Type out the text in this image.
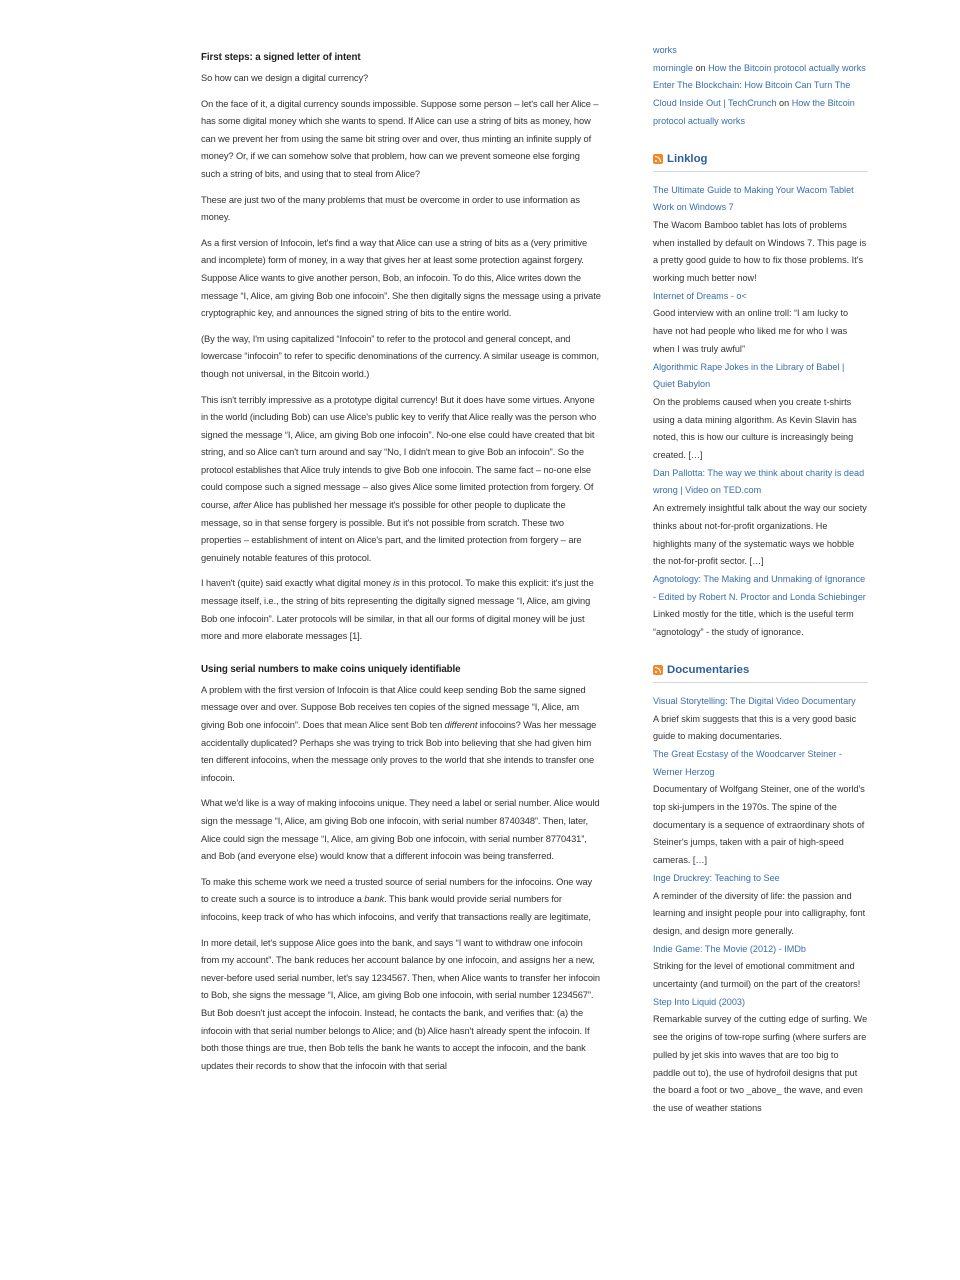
First steps: a signed letter of intent

So how can we design a digital currency?

On the face of it, a digital currency sounds impossible. Suppose some person – let's call her Alice – has some digital money which she wants to spend. If Alice can use a string of bits as money, how can we prevent her from using the same bit string over and over, thus minting an infinite supply of money? Or, if we can somehow solve that problem, how can we prevent someone else forging such a string of bits, and using that to steal from Alice?

These are just two of the many problems that must be overcome in order to use information as money.

As a first version of Infocoin, let's find a way that Alice can use a string of bits as a (very primitive and incomplete) form of money, in a way that gives her at least some protection against forgery. Suppose Alice wants to give another person, Bob, an infocoin. To do this, Alice writes down the message “I, Alice, am giving Bob one infocoin”. She then digitally signs the message using a private cryptographic key, and announces the signed string of bits to the entire world.

(By the way, I'm using capitalized “Infocoin” to refer to the protocol and general concept, and lowercase “infocoin” to refer to specific denominations of the currency. A similar useage is common, though not universal, in the Bitcoin world.)

This isn't terribly impressive as a prototype digital currency! But it does have some virtues. Anyone in the world (including Bob) can use Alice's public key to verify that Alice really was the person who signed the message “I, Alice, am giving Bob one infocoin”. No-one else could have created that bit string, and so Alice can't turn around and say “No, I didn't mean to give Bob an infocoin”. So the protocol establishes that Alice truly intends to give Bob one infocoin. The same fact – no-one else could compose such a signed message – also gives Alice some limited protection from forgery. Of course, after Alice has published her message it's possible for other people to duplicate the message, so in that sense forgery is possible. But it's not possible from scratch. These two properties – establishment of intent on Alice's part, and the limited protection from forgery – are genuinely notable features of this protocol.

I haven't (quite) said exactly what digital money is in this protocol. To make this explicit: it's just the message itself, i.e., the string of bits representing the digitally signed message “I, Alice, am giving Bob one infocoin”. Later protocols will be similar, in that all our forms of digital money will be just more and more elaborate messages [1].

Using serial numbers to make coins uniquely identifiable

A problem with the first version of Infocoin is that Alice could keep sending Bob the same signed message over and over. Suppose Bob receives ten copies of the signed message “I, Alice, am giving Bob one infocoin”. Does that mean Alice sent Bob ten different infocoins? Was her message accidentally duplicated? Perhaps she was trying to trick Bob into believing that she had given him ten different infocoins, when the message only proves to the world that she intends to transfer one infocoin.

What we'd like is a way of making infocoins unique. They need a label or serial number. Alice would sign the message “I, Alice, am giving Bob one infocoin, with serial number 8740348”. Then, later, Alice could sign the message “I, Alice, am giving Bob one infocoin, with serial number 8770431”, and Bob (and everyone else) would know that a different infocoin was being transferred.

To make this scheme work we need a trusted source of serial numbers for the infocoins. One way to create such a source is to introduce a bank. This bank would provide serial numbers for infocoins, keep track of who has which infocoins, and verify that transactions really are legitimate,

In more detail, let's suppose Alice goes into the bank, and says “I want to withdraw one infocoin from my account”. The bank reduces her account balance by one infocoin, and assigns her a new, never-before used serial number, let's say 1234567. Then, when Alice wants to transfer her infocoin to Bob, she signs the message “I, Alice, am giving Bob one infocoin, with serial number 1234567”. But Bob doesn't just accept the infocoin. Instead, he contacts the bank, and verifies that: (a) the infocoin with that serial number belongs to Alice; and (b) Alice hasn't already spent the infocoin. If both those things are true, then Bob tells the bank he wants to accept the infocoin, and the bank updates their records to show that the infocoin with that serial

works
morningle on How the Bitcoin protocol actually works
Enter The Blockchain: How Bitcoin Can Turn The Cloud Inside Out | TechCrunch on How the Bitcoin protocol actually works
Linklog
The Ultimate Guide to Making Your Wacom Tablet Work on Windows 7
The Wacom Bamboo tablet has lots of problems when installed by default on Windows 7. This page is a pretty good guide to how to fix those problems. It's working much better now!
Internet of Dreams - o<
Good interview with an online troll: “I am lucky to have not had people who liked me for who I was when I was truly awful”
Algorithmic Rape Jokes in the Library of Babel | Quiet Babylon
On the problems caused when you create t-shirts using a data mining algorithm. As Kevin Slavin has noted, this is how our culture is increasingly being created. […]
Dan Pallotta: The way we think about charity is dead wrong | Video on TED.com
An extremely insightful talk about the way our society thinks about not-for-profit organizations. He highlights many of the systematic ways we hobble the not-for-profit sector. […]
Agnotology: The Making and Unmaking of Ignorance - Edited by Robert N. Proctor and Londa Schiebinger
Linked mostly for the title, which is the useful term “agnotology” - the study of ignorance.
Documentaries
Visual Storytelling: The Digital Video Documentary
A brief skim suggests that this is a very good basic guide to making documentaries.
The Great Ecstasy of the Woodcarver Steiner - Werner Herzog
Documentary of Wolfgang Steiner, one of the world's top ski-jumpers in the 1970s. The spine of the documentary is a sequence of extraordinary shots of Steiner's jumps, taken with a pair of high-speed cameras. […]
Inge Druckrey: Teaching to See
A reminder of the diversity of life: the passion and learning and insight people pour into calligraphy, font design, and design more generally.
Indie Game: The Movie (2012) - IMDb
Striking for the level of emotional commitment and uncertainty (and turmoil) on the part of the creators!
Step Into Liquid (2003)
Remarkable survey of the cutting edge of surfing. We see the origins of tow-rope surfing (where surfers are pulled by jet skis into waves that are too big to paddle out to), the use of hydrofoil designs that put the board a foot or two _above_ the wave, and even the use of weather stations
